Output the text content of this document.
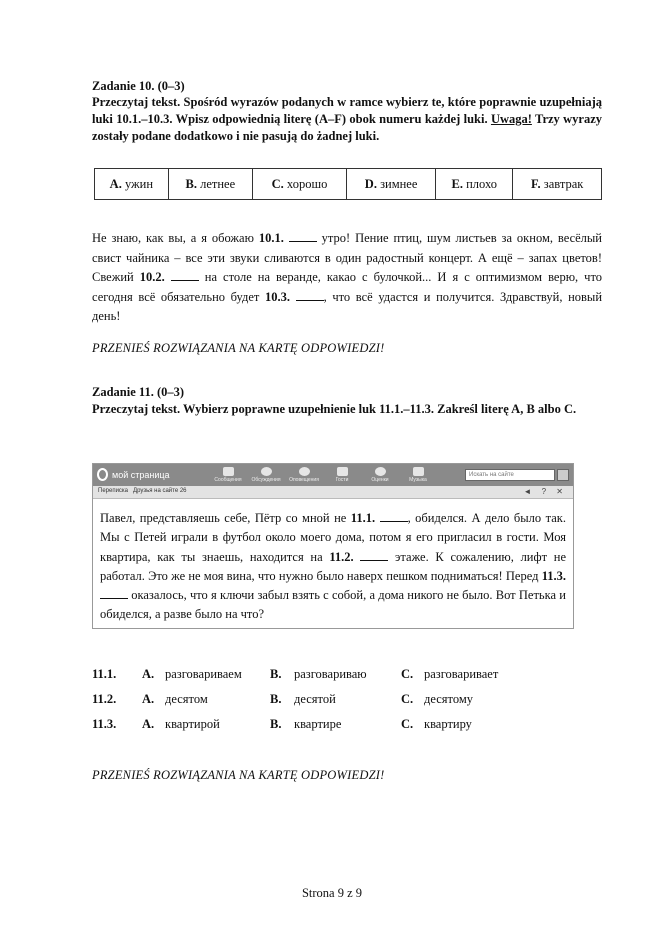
Zadanie 10. (0–3)
Przeczytaj tekst. Spośród wyrazów podanych w ramce wybierz te, które poprawnie uzupełniają luki 10.1.–10.3. Wpisz odpowiednią literę (A–F) obok numeru każdej luki. Uwaga! Trzy wyrazy zostały podane dodatkowo i nie pasują do żadnej luki.
A. ужин	B. летнее	C. хорошо	D. зимнее	E. плохо	F. завтрак
Не знаю, как вы, а я обожаю 10.1.	утро! Пение птиц, шум листьев за окном, весёлый свист чайника – все эти звуки сливаются в один радостный концерт. А ещё – запах цветов! Свежий 10.2.	на столе на веранде, какао с булочкой... И я с оптимизмом верю, что сегодня всё обязательно будет 10.3.	, что всё удастся и получится. Здравствуй, новый день!
PRZENIEŚ ROZWIĄZANIA NA KARTĘ ODPOWIEDZI!
Zadanie 11. (0–3)
Przeczytaj tekst. Wybierz poprawne uzupełnienie luk 11.1.–11.3. Zakreśl literę A, B albo C.
мой страница
Сообщения Обсуждения Оповещения	Гости	Оценки	Музыка
Искать на сайте
Переписка Друзья на сайте 26	◄ ? ✕
Павел, представляешь себе, Пётр со мной не 11.1.	, обиделся. А дело было так. Мы с Петей играли в футбол около моего дома, потом я его пригласил в гости. Моя квартира, как ты знаешь, находится на 11.2.	этаже. К сожалению, лифт не работал. Это же не моя вина, что нужно было наверх пешком подниматься! Перед 11.3.  оказалось, что я ключи забыл взять с собой, а дома никого не было. Вот Петька и обиделся, а разве было на что?
11.1. A. разговариваем B. разговариваю	C. разговаривает
11.2. A. десятом	B. десятой	C. десятому
11.3. A. квартирой	B. квартире	C. квартиру
PRZENIEŚ ROZWIĄZANIA NA KARTĘ ODPOWIEDZI!
Strona 9 z 9
